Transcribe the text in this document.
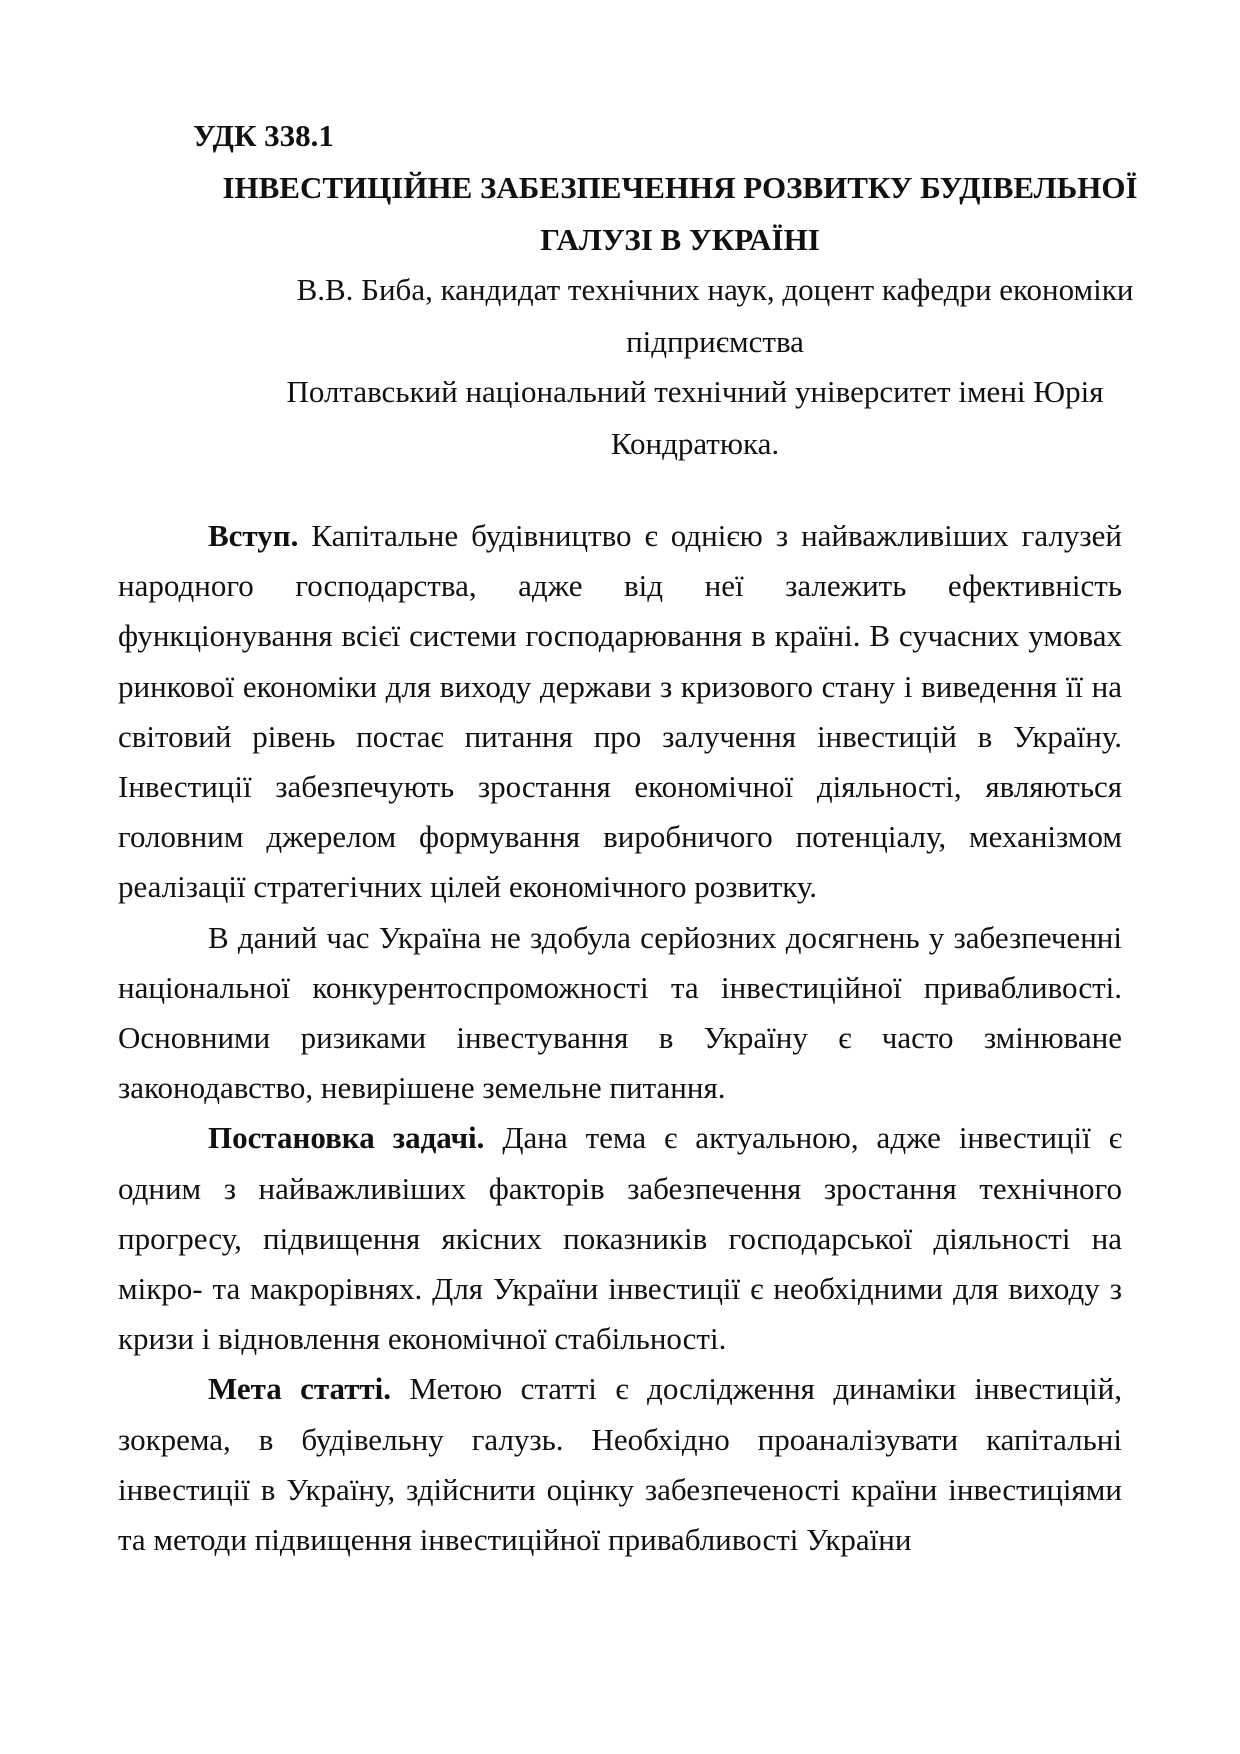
УДК 338.1
ІНВЕСТИЦІЙНЕ ЗАБЕЗПЕЧЕННЯ РОЗВИТКУ БУДІВЕЛЬНОЇ
ГАЛУЗІ В УКРАЇНІ
В.В. Биба, кандидат технічних наук, доцент кафедри економіки
підприємства
Полтавський національний технічний університет імені Юрія
Кондратюка.

Вступ. Капітальне будівництво є однією з найважливіших галузей народного господарства, адже від неї залежить ефективність функціонування всієї системи господарювання в країні. В сучасних умовах ринкової економіки для виходу держави з кризового стану і виведення її на світовий рівень постає питання про залучення інвестицій в Україну. Інвестиції забезпечують зростання економічної діяльності, являються головним джерелом формування виробничого потенціалу, механізмом реалізації стратегічних цілей економічного розвитку.

В даний час Україна не здобула серйозних досягнень у забезпеченні національної конкурентоспроможності та інвестиційної привабливості. Основними ризиками інвестування в Україну є часто змінюване законодавство, невирішене земельне питання.

Постановка задачі. Дана тема є актуальною, адже інвестиції є одним з найважливіших факторів забезпечення зростання технічного прогресу, підвищення якісних показників господарської діяльності на мікро- та макрорівнях. Для України інвестиції є необхідними для виходу з кризи і відновлення економічної стабільності.

Мета статті. Метою статті є дослідження динаміки інвестицій, зокрема, в будівельну галузь. Необхідно проаналізувати капітальні інвестиції в Україну, здійснити оцінку забезпеченості країни інвестиціями та методи підвищення інвестиційної привабливості України
